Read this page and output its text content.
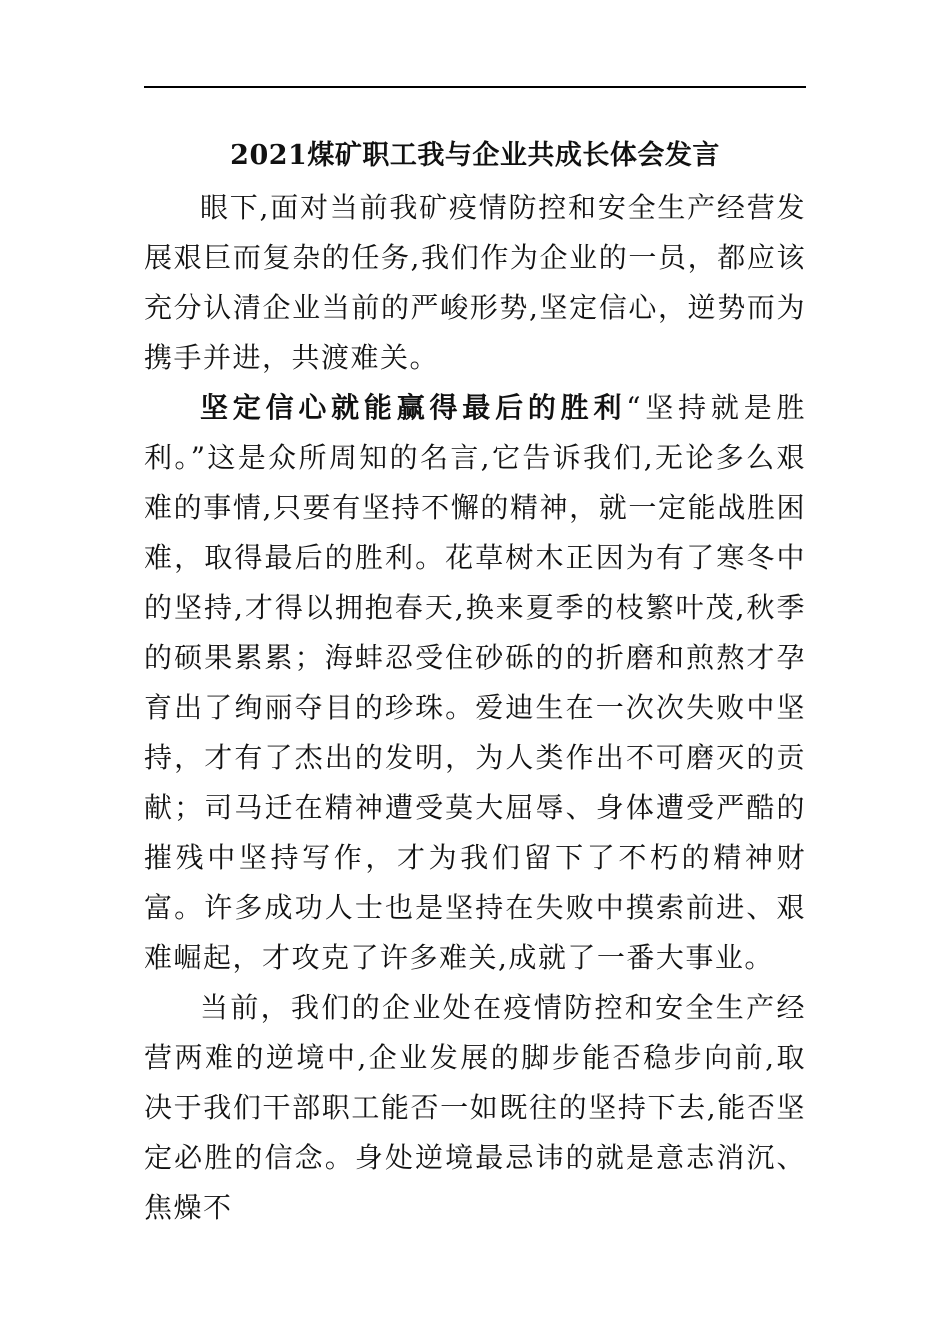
2021煤矿职工我与企业共成长体会发言

眼下,面对当前我矿疫情防控和安全生产经营发展艰巨而复杂的任务,我们作为企业的一员，都应该充分认清企业当前的严峻形势,坚定信心，逆势而为携手并进，共渡难关。

坚定信心就能赢得最后的胜利“坚持就是胜利。”这是众所周知的名言,它告诉我们,无论多么艰难的事情,只要有坚持不懈的精神，就一定能战胜困难，取得最后的胜利。花草树木正因为有了寒冬中的坚持,才得以拥抱春天,换来夏季的枝繁叶茂,秋季的硕果累累；海蚌忍受住砂砾的的折磨和煎熬才孕育出了绚丽夺目的珍珠。爱迪生在一次次失败中坚持，才有了杰出的发明，为人类作出不可磨灭的贡献；司马迁在精神遭受莫大屈辱、身体遭受严酷的摧残中坚持写作，才为我们留下了不朽的精神财富。许多成功人士也是坚持在失败中摸索前进、艰难崛起，才攻克了许多难关,成就了一番大事业。

当前，我们的企业处在疫情防控和安全生产经营两难的逆境中,企业发展的脚步能否稳步向前,取决于我们干部职工能否一如既往的坚持下去,能否坚定必胜的信念。身处逆境最忌讳的就是意志消沉、焦燥不
